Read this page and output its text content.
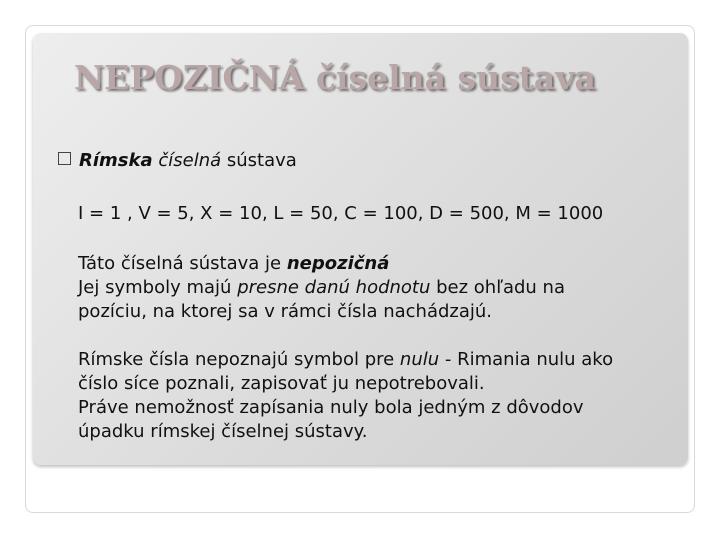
NEPOZIČNÁ číselná sústava
Rímska číselná sústava

I = 1 , V = 5, X = 10, L = 50, C = 100, D = 500, M = 1000

Táto číselná sústava je nepozičná
Jej symboly majú presne danú hodnotu bez ohľadu na
pozíciu, na ktorej sa v rámci čísla nachádzajú.

Rímske čísla nepoznajú symbol pre nulu - Rimania nulu ako
číslo síce poznali, zapisovať ju nepotrebovali.
Práve nemožnosť zapísania nuly bola jedným z dôvodov
úpadku rímskej číselnej sústavy.
